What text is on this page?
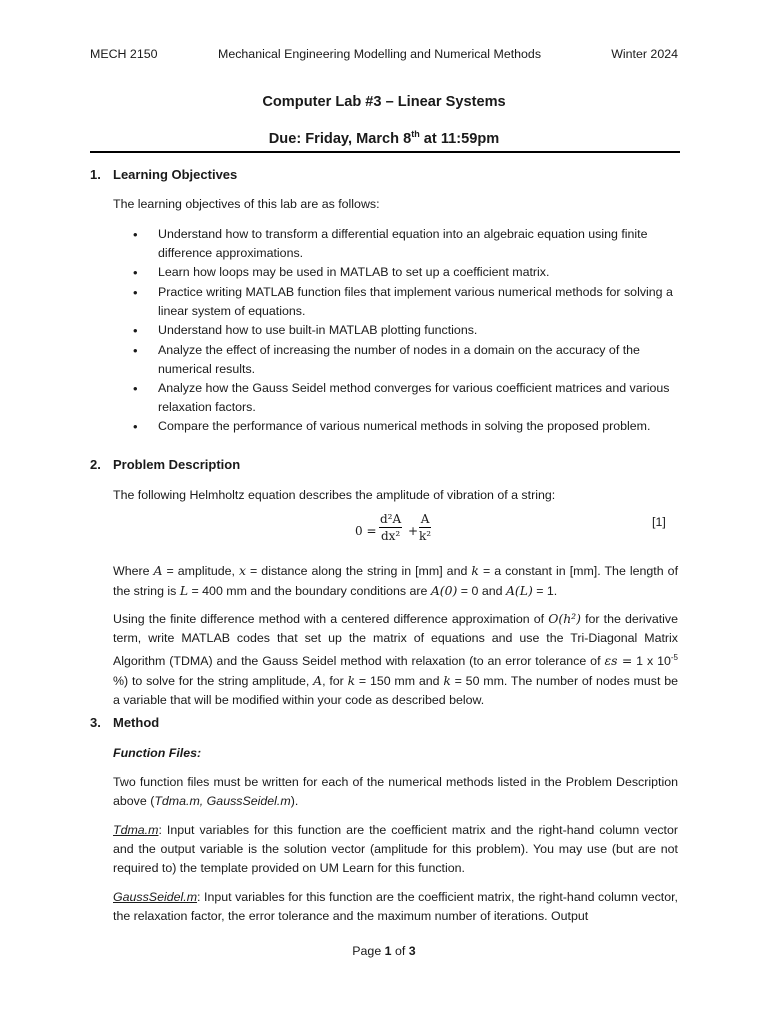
MECH 2150	Mechanical Engineering Modelling and Numerical Methods	Winter 2024
Computer Lab #3 – Linear Systems
Due: Friday, March 8th at 11:59pm
1. Learning Objectives
The learning objectives of this lab are as follows:
• Understand how to transform a differential equation into an algebraic equation using finite difference approximations.
• Learn how loops may be used in MATLAB to set up a coefficient matrix.
• Practice writing MATLAB function files that implement various numerical methods for solving a linear system of equations.
• Understand how to use built-in MATLAB plotting functions.
• Analyze the effect of increasing the number of nodes in a domain on the accuracy of the numerical results.
• Analyze how the Gauss Seidel method converges for various coefficient matrices and various relaxation factors.
• Compare the performance of various numerical methods in solving the proposed problem.
2. Problem Description
The following Helmholtz equation describes the amplitude of vibration of a string:
0 =
d²A
dx² +
A
k²
[1]
Where A = amplitude, x = distance along the string in [mm] and k = a constant in [mm]. The length of the string is L = 400 mm and the boundary conditions are A(0) = 0 and A(L) = 1.
Using the finite difference method with a centered difference approximation of O(h²) for the derivative term, write MATLAB codes that set up the matrix of equations and use the Tri-Diagonal Matrix Algorithm (TDMA) and the Gauss Seidel method with relaxation (to an error tolerance of εs = 1 x $10^{-5}$ %) to solve for the string amplitude, A, for k = 150 mm and k = 50 mm. The number of nodes must be a variable that will be modified within your code as described below.
3. Method
Function Files:
Two function files must be written for each of the numerical methods listed in the Problem Description above (Tdma.m, GaussSeidel.m).
Tdma.m: Input variables for this function are the coefficient matrix and the right-hand column vector and the output variable is the solution vector (amplitude for this problem). You may use (but are not required to) the template provided on UM Learn for this function.
GaussSeidel.m: Input variables for this function are the coefficient matrix, the right-hand column vector, the relaxation factor, the error tolerance and the maximum number of iterations. Output
Page 1 of 3
